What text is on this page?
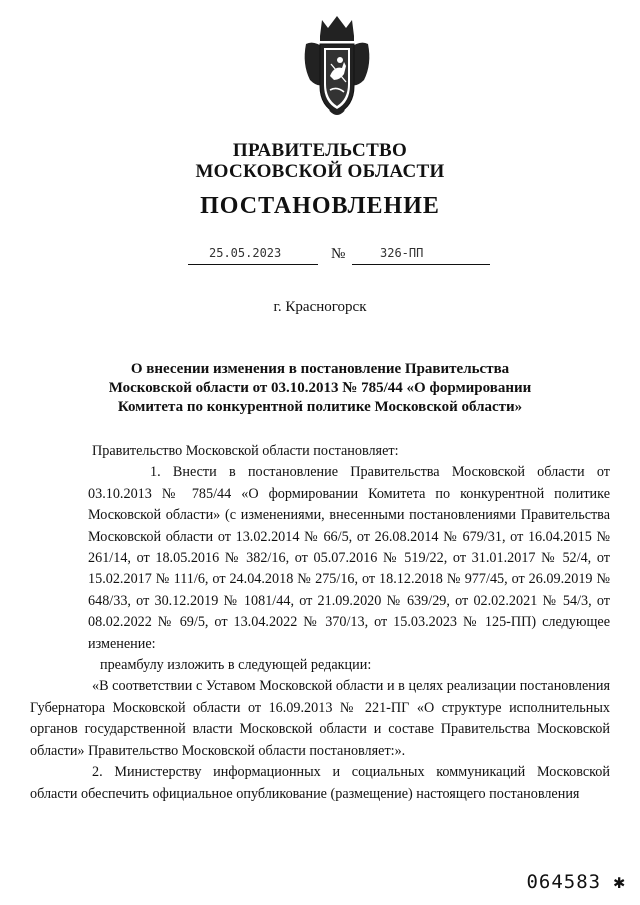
ПРАВИТЕЛЬСТВО
МОСКОВСКОЙ ОБЛАСТИ
ПОСТАНОВЛЕНИЕ
25.05.2023	№	326-ПП
г. Красногорск
О внесении изменения в постановление Правительства
Московской области от 03.10.2013 № 785/44 «О формировании
Комитета по конкурентной политике Московской области»

Правительство Московской области постановляет:

1. Внести в постановление Правительства Московской области от 03.10.2013 № 785/44 «О формировании Комитета по конкурентной политике Московской области» (с изменениями, внесенными постановлениями Правительства Московской области от 13.02.2014 № 66/5, от 26.08.2014 № 679/31, от 16.04.2015 № 261/14, от 18.05.2016 № 382/16, от 05.07.2016 № 519/22, от 31.01.2017 № 52/4, от 15.02.2017 № 111/6, от 24.04.2018 № 275/16, от 18.12.2018 № 977/45, от 26.09.2019 № 648/33, от 30.12.2019 № 1081/44, от 21.09.2020 № 639/29, от 02.02.2021 № 54/3, от 08.02.2022 № 69/5, от 13.04.2022 № 370/13, от 15.03.2023 № 125-ПП) следующее изменение:

преамбулу изложить в следующей редакции:

«В соответствии с Уставом Московской области и в целях реализации постановления Губернатора Московской области от 16.09.2013 № 221-ПГ «О структуре исполнительных органов государственной власти Московской области и составе Правительства Московской области» Правительство Московской области постановляет:».

2. Министерству информационных и социальных коммуникаций Московской области обеспечить официальное опубликование (размещение) настоящего постановления

064583 ✱
